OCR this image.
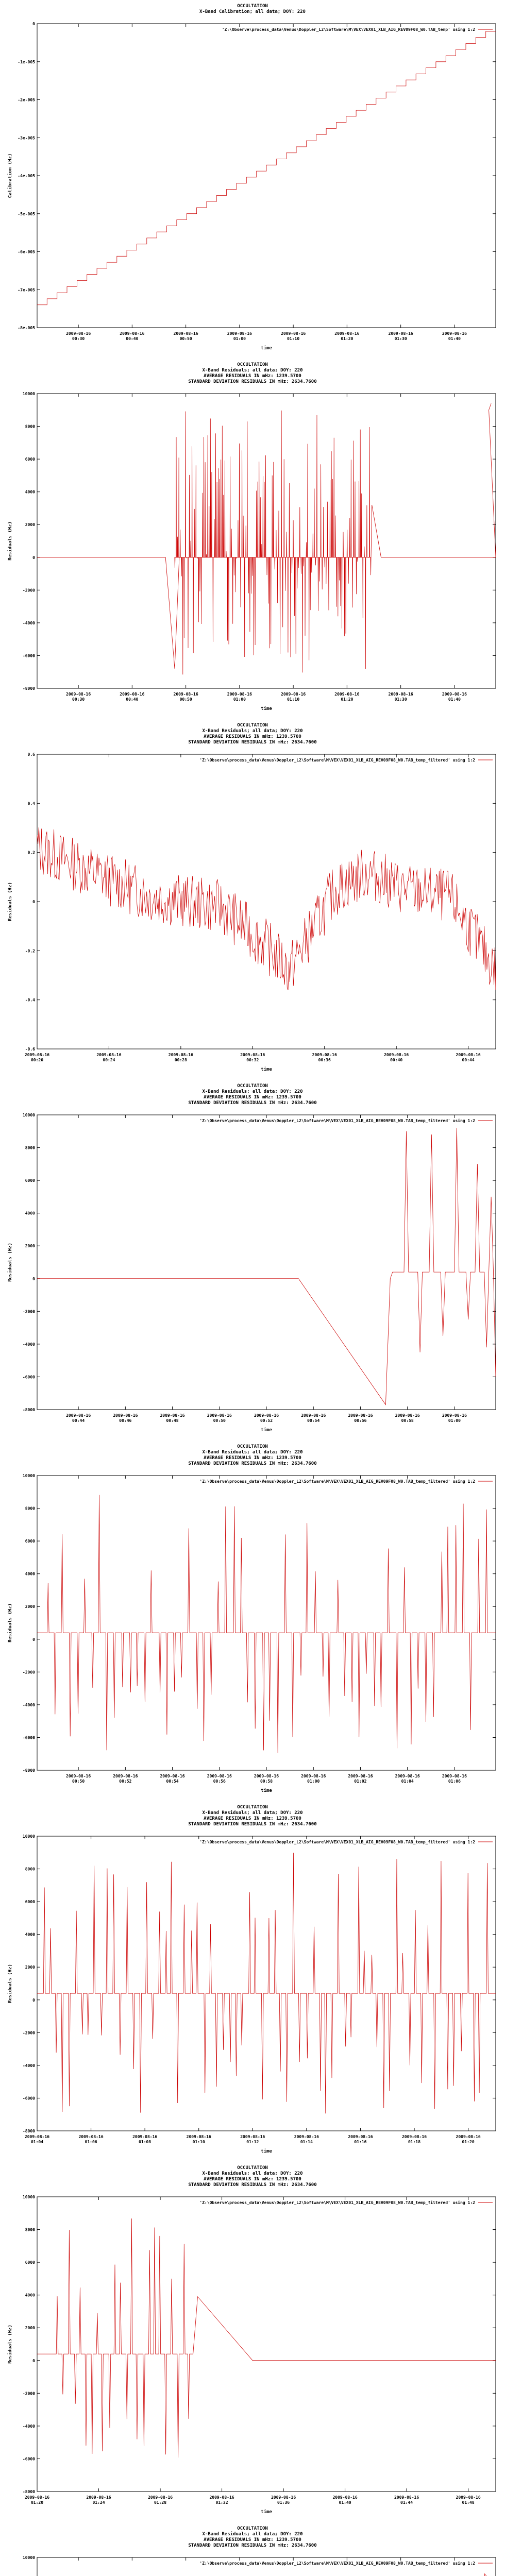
OCCULTATION
X-Band Calibration; all data; DOY: 220
0
-1e-005
-2e-005
-3e-005
-4e-005
-5e-005
-6e-005
-7e-005
-8e-005
2009-08-16
00:30
2009-08-16
00:40
2009-08-16
00:50
2009-08-16
01:00
2009-08-16
01:10
2009-08-16
01:20
2009-08-16
01:30
2009-08-16
01:40
time
Calibration (Hz)
'Z:\Observe\process_data\Venus\Doppler_L2\Software\M\VEX\VEX01_XLB_AIG_REV09F08_W0.TAB_temp' using 1:2
OCCULTATION
X-Band Residuals; all data; DOY: 220
AVERAGE RESIDUALS IN mHz: 1239.5700
STANDARD DEVIATION RESIDUALS IN mHz: 2634.7600
10000
8000
6000
4000
2000
0
-2000
-4000
-6000
-8000
2009-08-16
00:30
2009-08-16
00:40
2009-08-16
00:50
2009-08-16
01:00
2009-08-16
01:10
2009-08-16
01:20
2009-08-16
01:30
2009-08-16
01:40
time
Residuals (Hz)
OCCULTATION
X-Band Residuals; all data; DOY: 220
AVERAGE RESIDUALS IN mHz: 1239.5700
STANDARD DEVIATION RESIDUALS IN mHz: 2634.7600
0.6
0.4
0.2
0
-0.2
-0.4
-0.6
2009-08-16
00:20
2009-08-16
00:24
2009-08-16
00:28
2009-08-16
00:32
2009-08-16
00:36
2009-08-16
00:40
2009-08-16
00:44
time
Residuals (Hz)
'Z:\Observe\process_data\Venus\Doppler_L2\Software\M\VEX\VEX01_XLB_AIG_REV09F08_W0.TAB_temp_filtered' using 1:2
OCCULTATION
X-Band Residuals; all data; DOY: 220
AVERAGE RESIDUALS IN mHz: 1239.5700
STANDARD DEVIATION RESIDUALS IN mHz: 2634.7600
10000
8000
6000
4000
2000
0
-2000
-4000
-6000
-8000
2009-08-16
00:44
2009-08-16
00:46
2009-08-16
00:48
2009-08-16
00:50
2009-08-16
00:52
2009-08-16
00:54
2009-08-16
00:56
2009-08-16
00:58
2009-08-16
01:00
time
Residuals (Hz)
'Z:\Observe\process_data\Venus\Doppler_L2\Software\M\VEX\VEX01_XLB_AIG_REV09F08_W0.TAB_temp_filtered' using 1:2
OCCULTATION
X-Band Residuals; all data; DOY: 220
AVERAGE RESIDUALS IN mHz: 1239.5700
STANDARD DEVIATION RESIDUALS IN mHz: 2634.7600
10000
8000
6000
4000
2000
0
-2000
-4000
-6000
-8000
2009-08-16
00:50
2009-08-16
00:52
2009-08-16
00:54
2009-08-16
00:56
2009-08-16
00:58
2009-08-16
01:00
2009-08-16
01:02
2009-08-16
01:04
2009-08-16
01:06
time
Residuals (Hz)
'Z:\Observe\process_data\Venus\Doppler_L2\Software\M\VEX\VEX01_XLB_AIG_REV09F08_W0.TAB_temp_filtered' using 1:2
OCCULTATION
X-Band Residuals; all data; DOY: 220
AVERAGE RESIDUALS IN mHz: 1239.5700
STANDARD DEVIATION RESIDUALS IN mHz: 2634.7600
10000
8000
6000
4000
2000
0
-2000
-4000
-6000
-8000
2009-08-16
01:04
2009-08-16
01:06
2009-08-16
01:08
2009-08-16
01:10
2009-08-16
01:12
2009-08-16
01:14
2009-08-16
01:16
2009-08-16
01:18
2009-08-16
01:20
time
Residuals (Hz)
'Z:\Observe\process_data\Venus\Doppler_L2\Software\M\VEX\VEX01_XLB_AIG_REV09F08_W0.TAB_temp_filtered' using 1:2
OCCULTATION
X-Band Residuals; all data; DOY: 220
AVERAGE RESIDUALS IN mHz: 1239.5700
STANDARD DEVIATION RESIDUALS IN mHz: 2634.7600
10000
8000
6000
4000
2000
0
-2000
-4000
-6000
-8000
2009-08-16
01:20
2009-08-16
01:24
2009-08-16
01:28
2009-08-16
01:32
2009-08-16
01:36
2009-08-16
01:40
2009-08-16
01:44
2009-08-16
01:48
time
Residuals (Hz)
'Z:\Observe\process_data\Venus\Doppler_L2\Software\M\VEX\VEX01_XLB_AIG_REV09F08_W0.TAB_temp_filtered' using 1:2
OCCULTATION
X-Band Residuals; all data; DOY: 220
AVERAGE RESIDUALS IN mHz: 1239.5700
STANDARD DEVIATION RESIDUALS IN mHz: 2634.7600
10000
'Z:\Observe\process_data\Venus\Doppler_L2\Software\M\VEX\VEX01_XLB_AIG_REV09F08_W0.TAB_temp_filtered' using 1:2
